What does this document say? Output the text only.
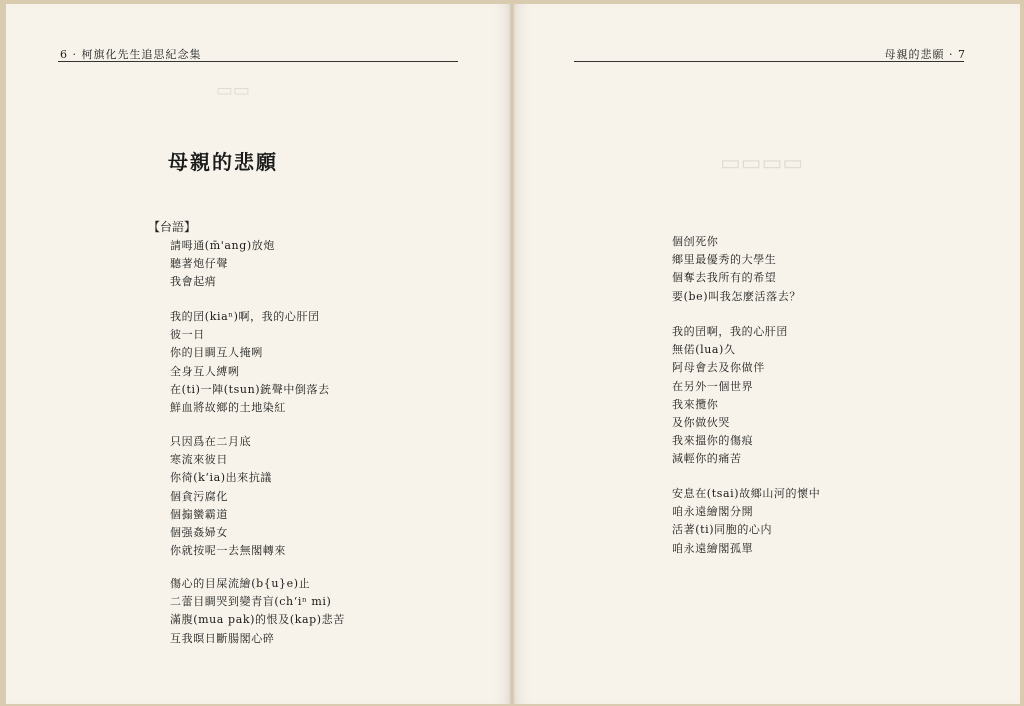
▭▭
▭▭▭▭
6 · 柯旗化先生追思紀念集	母親的悲願 · 7
母親的悲願
【台語】
請呣通(m̄'ang)放炮
聽著炮仔聲
我會起痟
我的囝(kiaⁿ)啊，我的心肝囝
彼一日
你的目睭互人掩咧
全身互人縛咧
在(ti)一陣(tsun)銃聲中倒落去
鮮血將故鄉的土地染紅
只因爲在二月底
寒流來彼日
你徛(kʻia)出來抗議
個貪污腐化
個搧蠻霸道
個强姦婦女
你就按呢一去無閣轉來
傷心的目屎流繪(b{u}e)止
二蕾目睭哭到變青盲(chʻiⁿ mi)
滿腹(mua pak)的恨及(kap)悲苦
互我暝日斷腸閣心碎
個刣死你
鄉里最優秀的大學生
個奪去我所有的希望
要(be)叫我怎麼活落去？
我的囝啊，我的心肝囝
無偌(lua)久
阿母會去及你做伴
在另外一個世界
我來攬你
及你做伙哭
我來搵你的傷痕
減輕你的痛苦
安息在(tsai)故鄉山河的懷中
咱永遠繪閣分開
活著(ti)同胞的心内
咱永遠繪閣孤單
